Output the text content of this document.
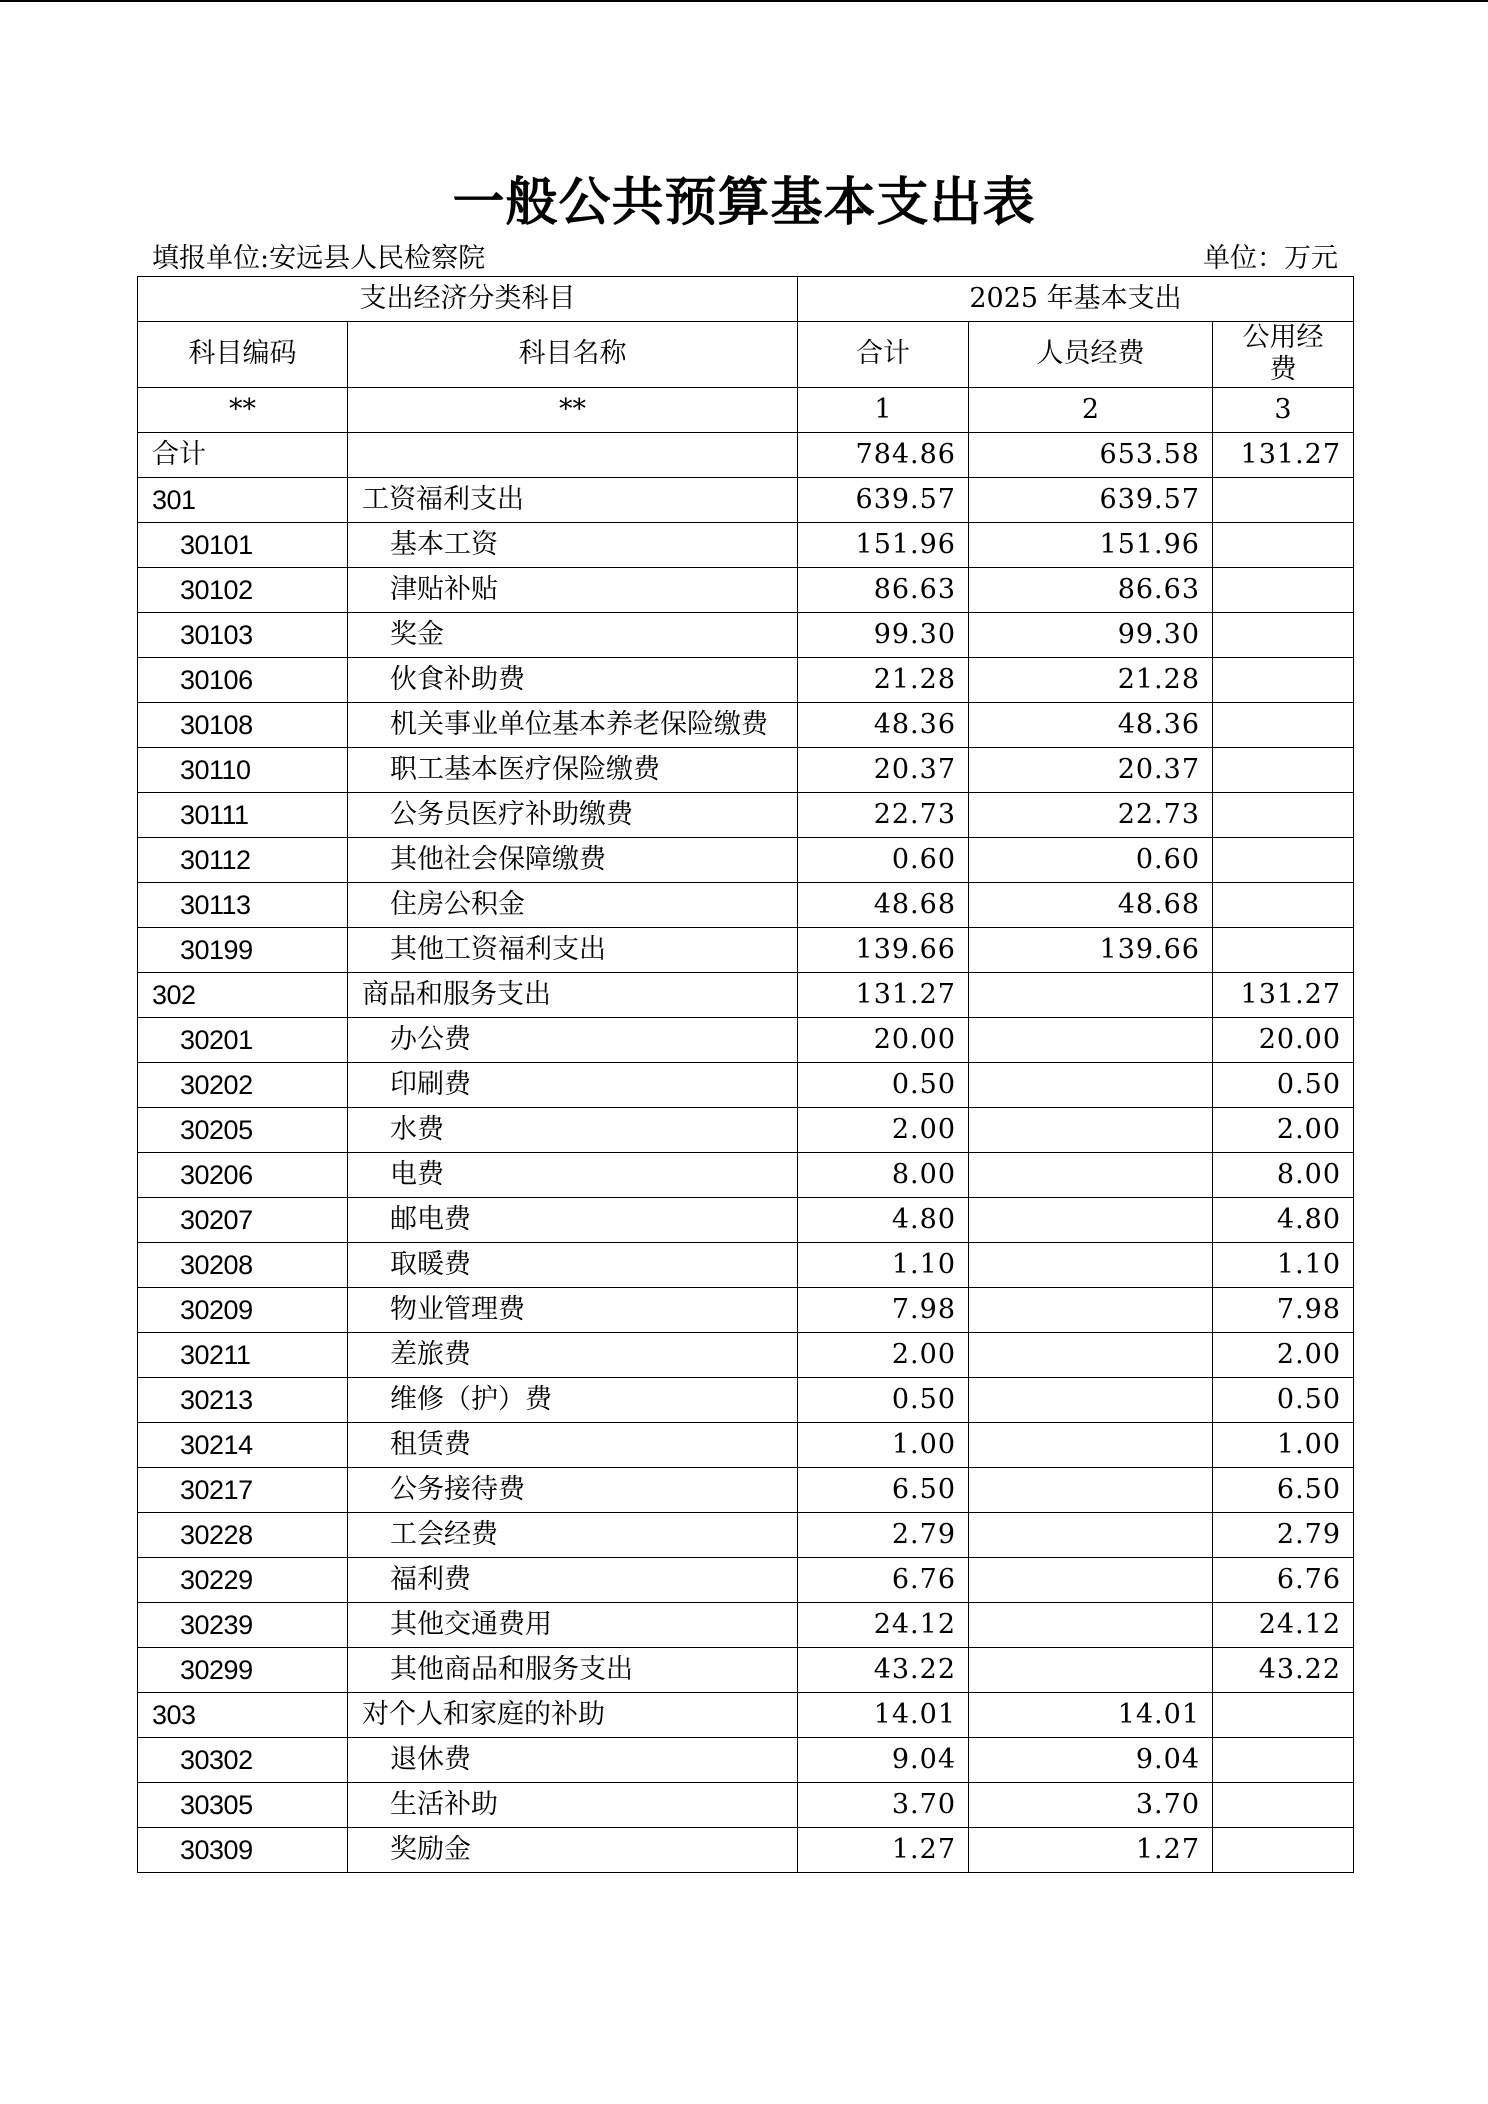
一般公共预算基本支出表
填报单位:安远县人民检察院	单位：万元
支出经济分类科目		2025 年基本支出		
科目编码	科目名称	合计	人员经费	公用经费
**	**	1	2	3
合计		784.86	653.58	131.27
301	工资福利支出	639.57	639.57	
30101	基本工资	151.96	151.96	
30102	津贴补贴	86.63	86.63	
30103	奖金	99.30	99.30	
30106	伙食补助费	21.28	21.28	
30108	机关事业单位基本养老保险缴费	48.36	48.36	
30110	职工基本医疗保险缴费	20.37	20.37	
30111	公务员医疗补助缴费	22.73	22.73	
30112	其他社会保障缴费	0.60	0.60	
30113	住房公积金	48.68	48.68	
30199	其他工资福利支出	139.66	139.66	
302	商品和服务支出	131.27		131.27
30201	办公费	20.00		20.00
30202	印刷费	0.50		0.50
30205	水费	2.00		2.00
30206	电费	8.00		8.00
30207	邮电费	4.80		4.80
30208	取暖费	1.10		1.10
30209	物业管理费	7.98		7.98
30211	差旅费	2.00		2.00
30213	维修（护）费	0.50		0.50
30214	租赁费	1.00		1.00
30217	公务接待费	6.50		6.50
30228	工会经费	2.79		2.79
30229	福利费	6.76		6.76
30239	其他交通费用	24.12		24.12
30299	其他商品和服务支出	43.22		43.22
303	对个人和家庭的补助	14.01	14.01	
30302	退休费	9.04	9.04	
30305	生活补助	3.70	3.70	
30309	奖励金	1.27	1.27	
